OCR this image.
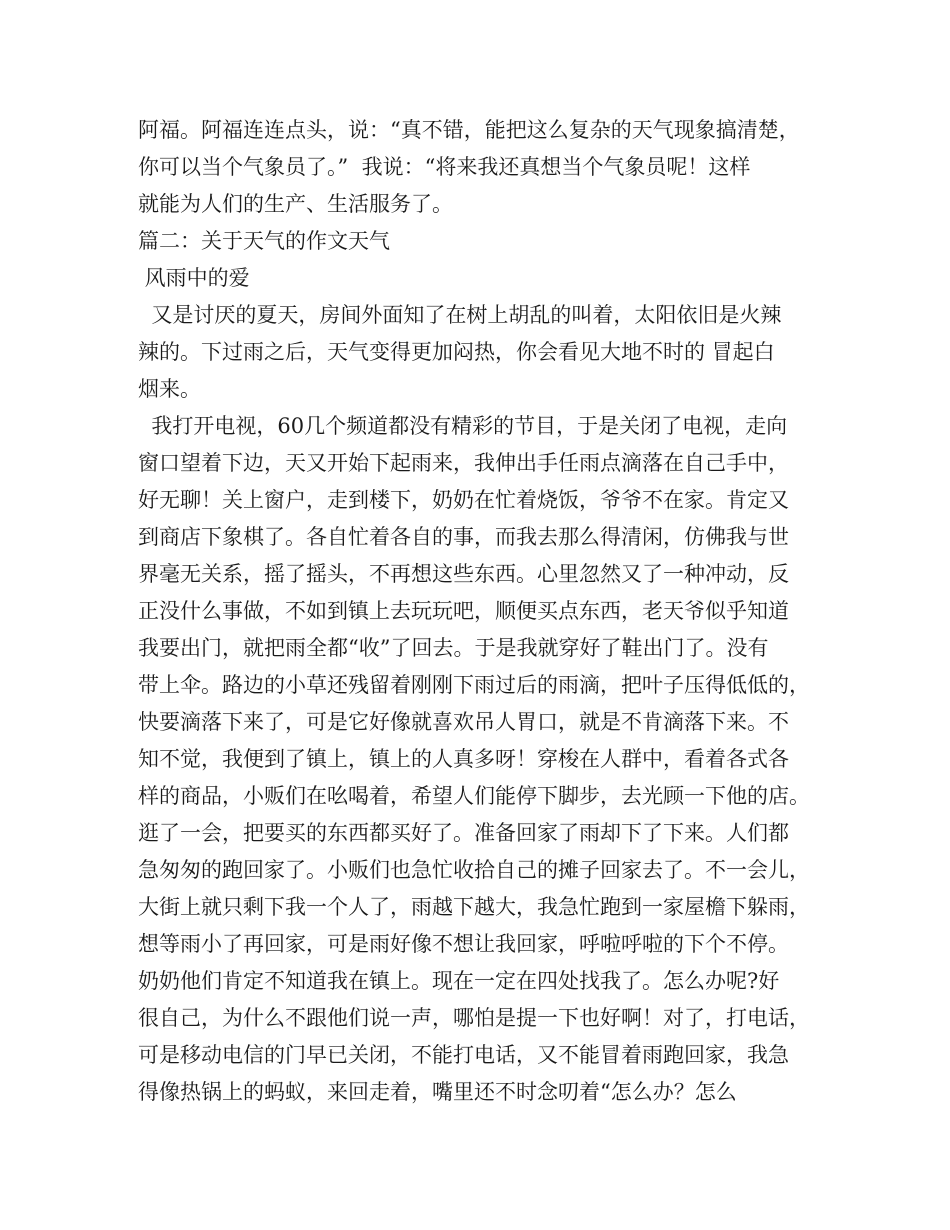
阿福。阿福连连点头，说：“真不错，能把这么复杂的天气现象搞清楚，
你可以当个气象员了。”  我说：“将来我还真想当个气象员呢！这样
就能为人们的生产、生活服务了。
篇二：关于天气的作文天气
风雨中的爱
又是讨厌的夏天，房间外面知了在树上胡乱的叫着，太阳依旧是火辣
辣的。下过雨之后，天气变得更加闷热，你会看见大地不时的 冒起白
烟来。
我打开电视，60几个频道都没有精彩的节目，于是关闭了电视，走向
窗口望着下边，天又开始下起雨来，我伸出手任雨点滴落在自己手中，
好无聊！关上窗户，走到楼下，奶奶在忙着烧饭，爷爷不在家。肯定又
到商店下象棋了。各自忙着各自的事，而我去那么得清闲，仿佛我与世
界毫无关系，摇了摇头，不再想这些东西。心里忽然又了一种冲动，反
正没什么事做，不如到镇上去玩玩吧，顺便买点东西，老天爷似乎知道
我要出门，就把雨全都“收”了回去。于是我就穿好了鞋出门了。没有
带上伞。路边的小草还残留着刚刚下雨过后的雨滴，把叶子压得低低的，
快要滴落下来了，可是它好像就喜欢吊人胃口，就是不肯滴落下来。不
知不觉，我便到了镇上，镇上的人真多呀！穿梭在人群中，看着各式各
样的商品，小贩们在吆喝着，希望人们能停下脚步，去光顾一下他的店。
逛了一会，把要买的东西都买好了。准备回家了雨却下了下来。人们都
急匆匆的跑回家了。小贩们也急忙收拾自己的摊子回家去了。不一会儿，
大街上就只剩下我一个人了，雨越下越大，我急忙跑到一家屋檐下躲雨，
想等雨小了再回家，可是雨好像不想让我回家，呼啦呼啦的下个不停。
奶奶他们肯定不知道我在镇上。现在一定在四处找我了。怎么办呢?好
很自己，为什么不跟他们说一声，哪怕是提一下也好啊！对了，打电话，
可是移动电信的门早已关闭，不能打电话，又不能冒着雨跑回家，我急
得像热锅上的蚂蚁，来回走着，嘴里还不时念叨着“怎么办？怎么
